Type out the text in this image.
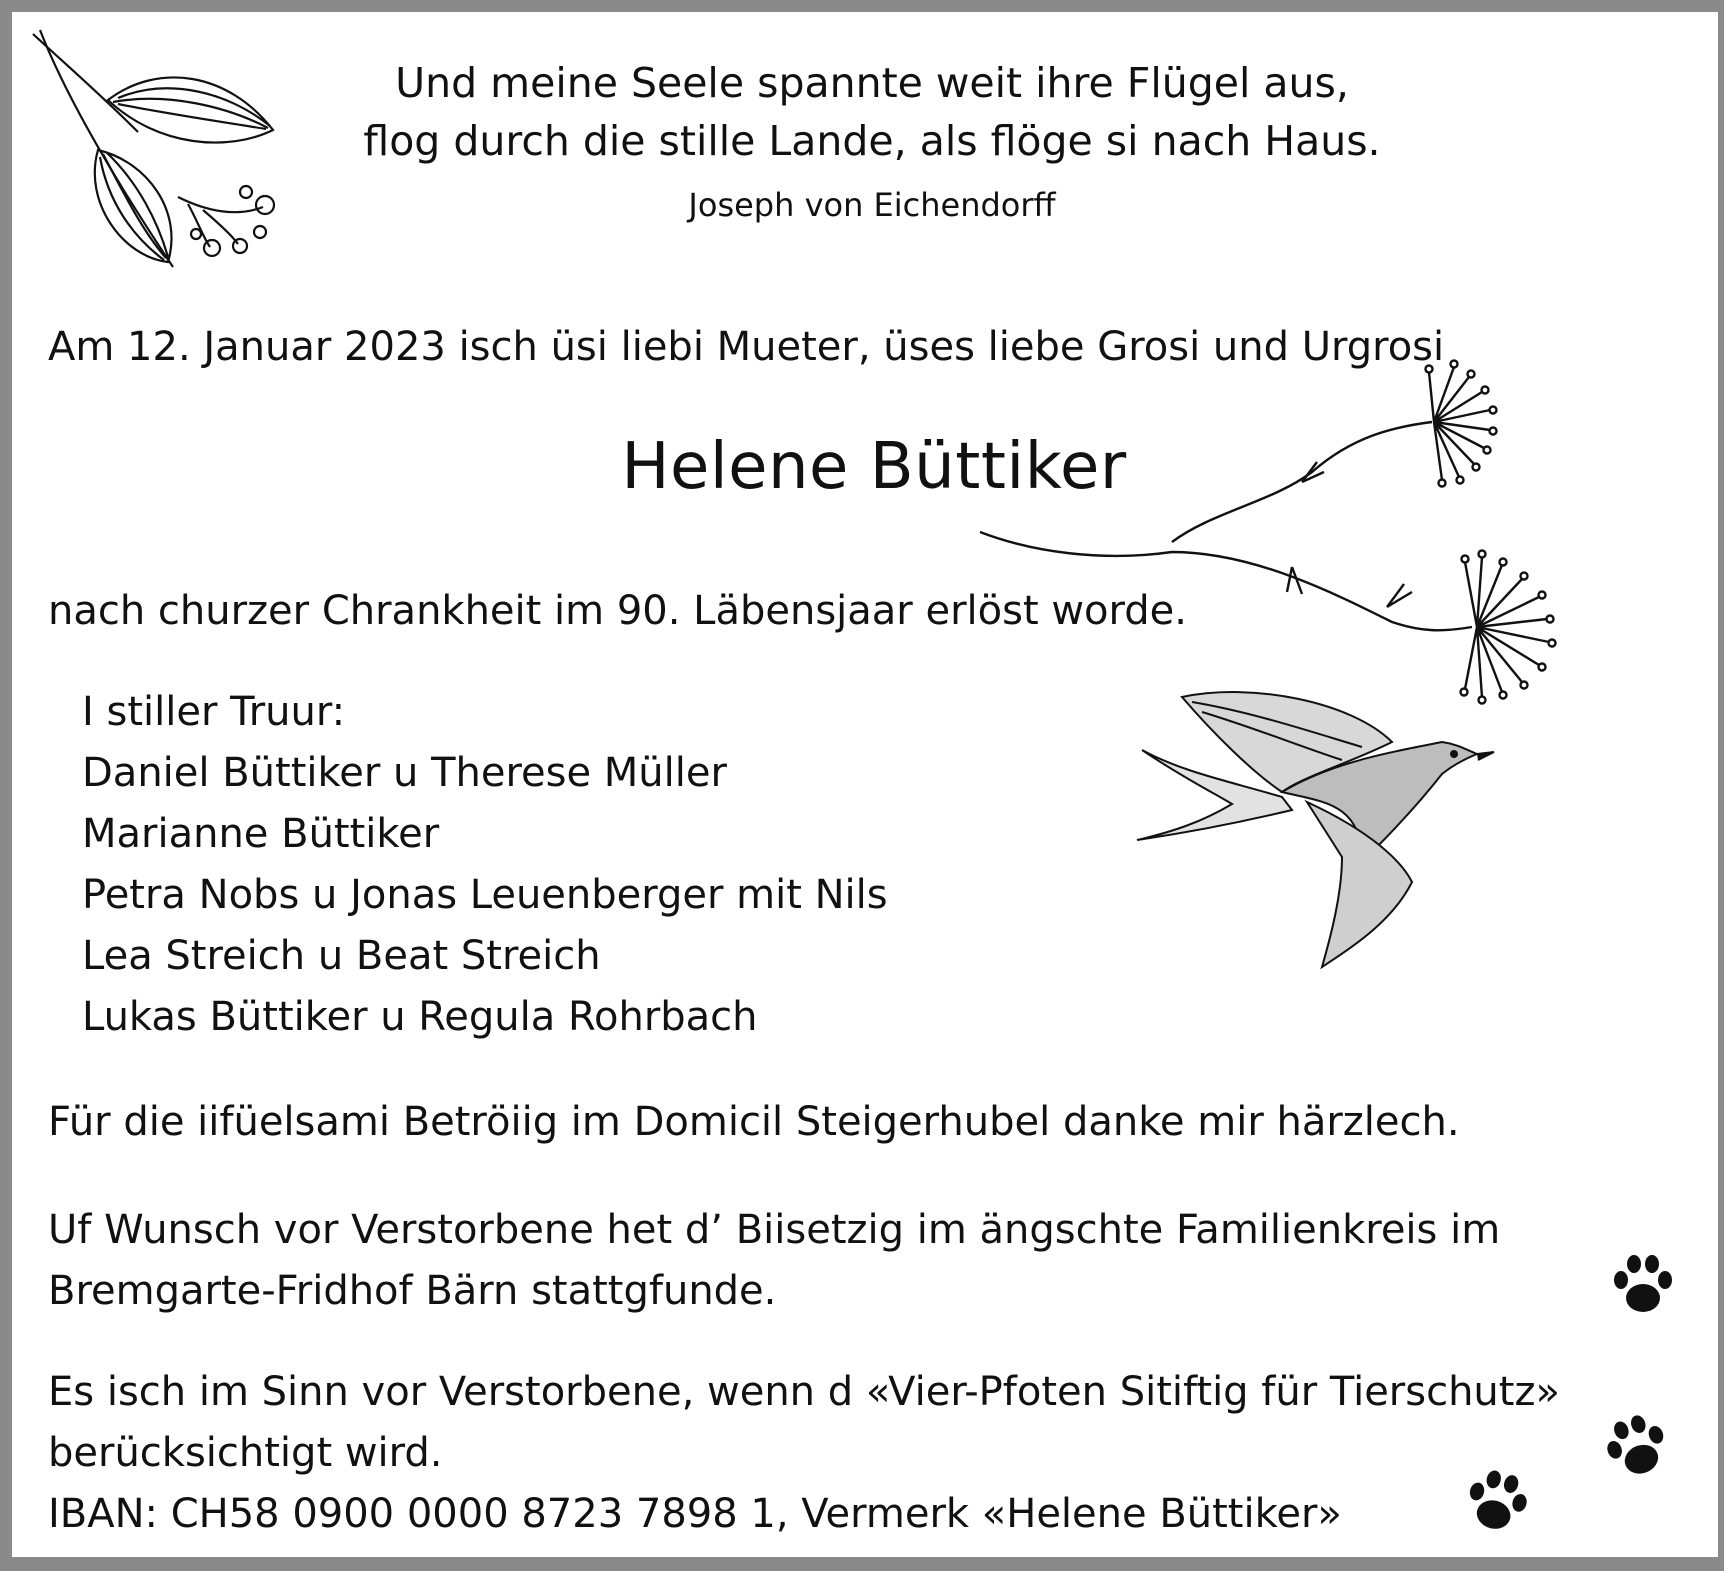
Und meine Seele spannte weit ihre Flügel aus,
flog durch die stille Lande, als flöge si nach Haus.

Joseph von Eichendorff

Am 12. Januar 2023 isch üsi liebi Mueter, üses liebe Grosi und Urgrosi

Helene Büttiker

nach churzer Chrankheit im 90. Läbensjaar erlöst worde.

I stiller Truur:
Daniel Büttiker u Therese Müller
Marianne Büttiker
Petra Nobs u Jonas Leuenberger mit Nils
Lea Streich u Beat Streich
Lukas Büttiker u Regula Rohrbach

Für die iifüelsami Betröiig im Domicil Steigerhubel danke mir härzlech.

Uf Wunsch vor Verstorbene het d’ Biisetzig im ängschte Familienkreis im
Bremgarte-Fridhof Bärn stattgfunde.

Es isch im Sinn vor Verstorbene, wenn d «Vier-Pfoten Sitiftig für Tierschutz»
berücksichtigt wird.
IBAN: CH58 0900 0000 8723 7898 1, Vermerk «Helene Büttiker»
